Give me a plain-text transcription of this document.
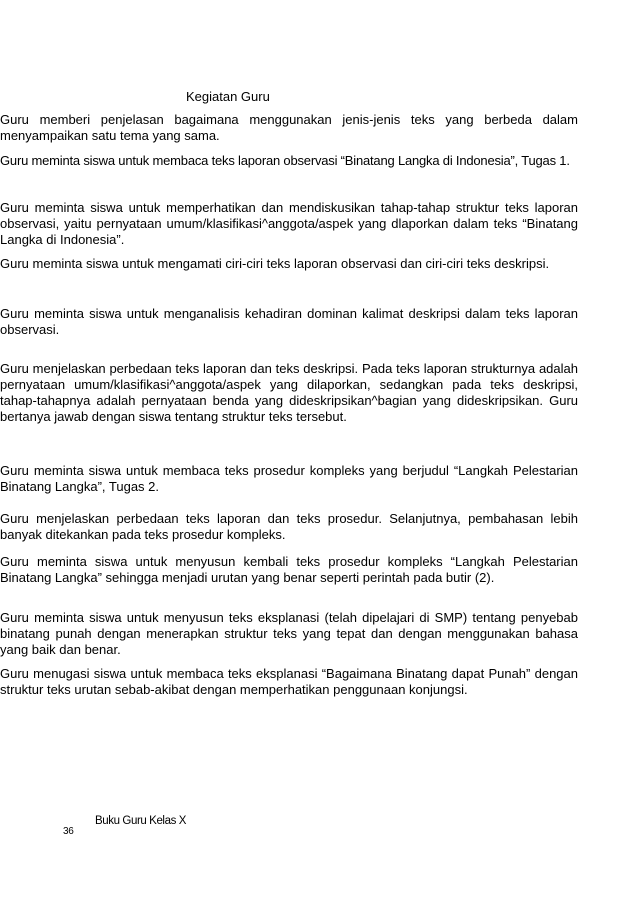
Kegiatan Guru

Guru memberi penjelasan bagaimana menggunakan jenis-jenis teks yang berbeda dalam menyampaikan satu tema yang sama.

Guru meminta siswa untuk membaca teks laporan observasi “Binatang Langka di Indonesia”, Tugas 1.

Guru meminta siswa untuk memperhatikan dan mendiskusikan tahap-tahap struktur teks laporan observasi, yaitu pernyataan umum/klasifikasi^anggota/aspek yang dlaporkan dalam teks “Binatang Langka di Indonesia”.

Guru meminta siswa untuk mengamati ciri-ciri teks laporan observasi dan ciri-ciri teks deskripsi.

Guru meminta siswa untuk menganalisis kehadiran dominan kalimat deskripsi dalam teks laporan observasi.

Guru menjelaskan perbedaan teks laporan dan teks deskripsi. Pada teks laporan strukturnya adalah pernyataan umum/klasifikasi^anggota/aspek yang dilaporkan, sedangkan pada teks deskripsi, tahap-tahapnya adalah pernyataan benda yang dideskripsikan^bagian yang dideskripsikan. Guru bertanya jawab dengan siswa tentang struktur teks tersebut.

Guru meminta siswa untuk membaca teks prosedur kompleks yang berjudul “Langkah Pelestarian Binatang Langka”, Tugas 2.

Guru menjelaskan perbedaan teks laporan dan teks prosedur. Selanjutnya, pembahasan lebih banyak ditekankan pada teks prosedur kompleks.

Guru meminta siswa untuk menyusun kembali teks prosedur kompleks “Langkah Pelestarian Binatang Langka” sehingga menjadi urutan yang benar seperti perintah pada butir (2).

Guru meminta siswa untuk menyusun teks eksplanasi (telah dipelajari di SMP) tentang penyebab binatang punah dengan menerapkan struktur teks yang tepat dan dengan menggunakan bahasa yang baik dan benar.

Guru menugasi siswa untuk membaca teks eksplanasi “Bagaimana Binatang dapat Punah” dengan struktur teks urutan sebab-akibat dengan memperhatikan penggunaan konjungsi.

36
Buku Guru Kelas X
